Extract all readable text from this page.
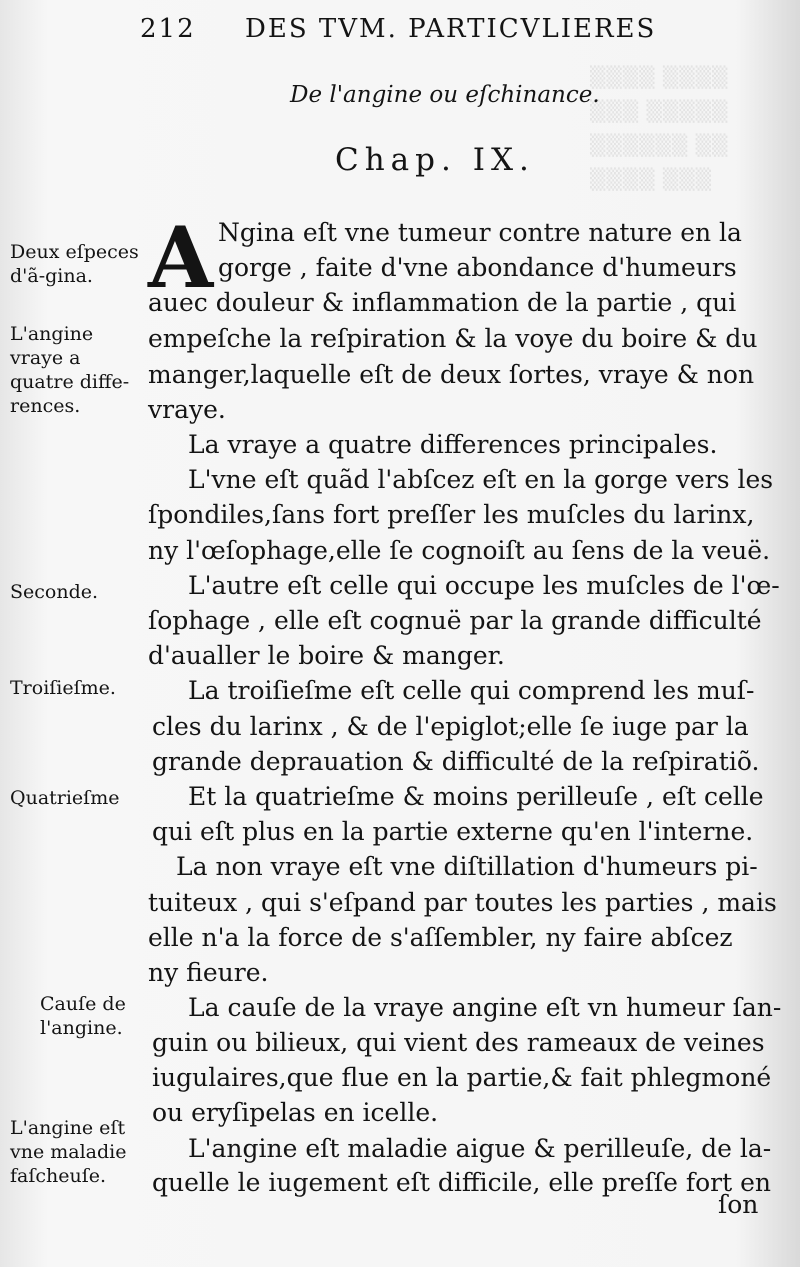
▒▒▒▒ ▒▒▒▒
▒▒▒ ▒▒▒▒▒
▒▒▒▒▒▒ ▒▒
▒▒▒▒ ▒▒▒
212 DES TVM. PARTICVLIERES
De l'angine ou eſchinance.
Chap. IX.
A
Deux eſpeces d'ã-gina.
L'angine vraye a quatre diffe-rences.
Seconde.
Troiſieſme.
Quatrieſme
Cauſe de l'angine.
L'angine eſt vne maladie faſcheuſe.
Ngina eſt vne tumeur contre nature en la
gorge , faite d'vne abondance d'humeurs
auec douleur & inflammation de la partie , qui
empeſche la reſpiration & la voye du boire & du
manger,laquelle eſt de deux ſortes, vraye & non
vraye.
La vraye a quatre differences principales.
L'vne eſt quãd l'abſcez eſt en la gorge vers les
ſpondiles,ſans fort preſſer les muſcles du larinx,
ny l'œſophage,elle ſe cognoiſt au ſens de la veuë.
L'autre eſt celle qui occupe les muſcles de l'œ-
ſophage , elle eſt cognuë par la grande difficulté
d'aualler le boire & manger.
La troiſieſme eſt celle qui comprend les muſ-
cles du larinx , & de l'epiglot;elle ſe iuge par la
grande deprauation & difficulté de la reſpiratiõ.
Et la quatrieſme & moins perilleuſe , eſt celle
qui eſt plus en la partie externe qu'en l'interne.
La non vraye eſt vne diſtillation d'humeurs pi-
tuiteux , qui s'eſpand par toutes les parties , mais
elle n'a la force de s'aſſembler, ny faire abſcez
ny fieure.
La cauſe de la vraye angine eſt vn humeur ſan-
guin ou bilieux, qui vient des rameaux de veines
iugulaires,que flue en la partie,& fait phlegmoné
ou eryſipelas en icelle.
L'angine eſt maladie aigue & perilleuſe, de la-
quelle le iugement eſt difficile, elle preſſe fort en
ſon
